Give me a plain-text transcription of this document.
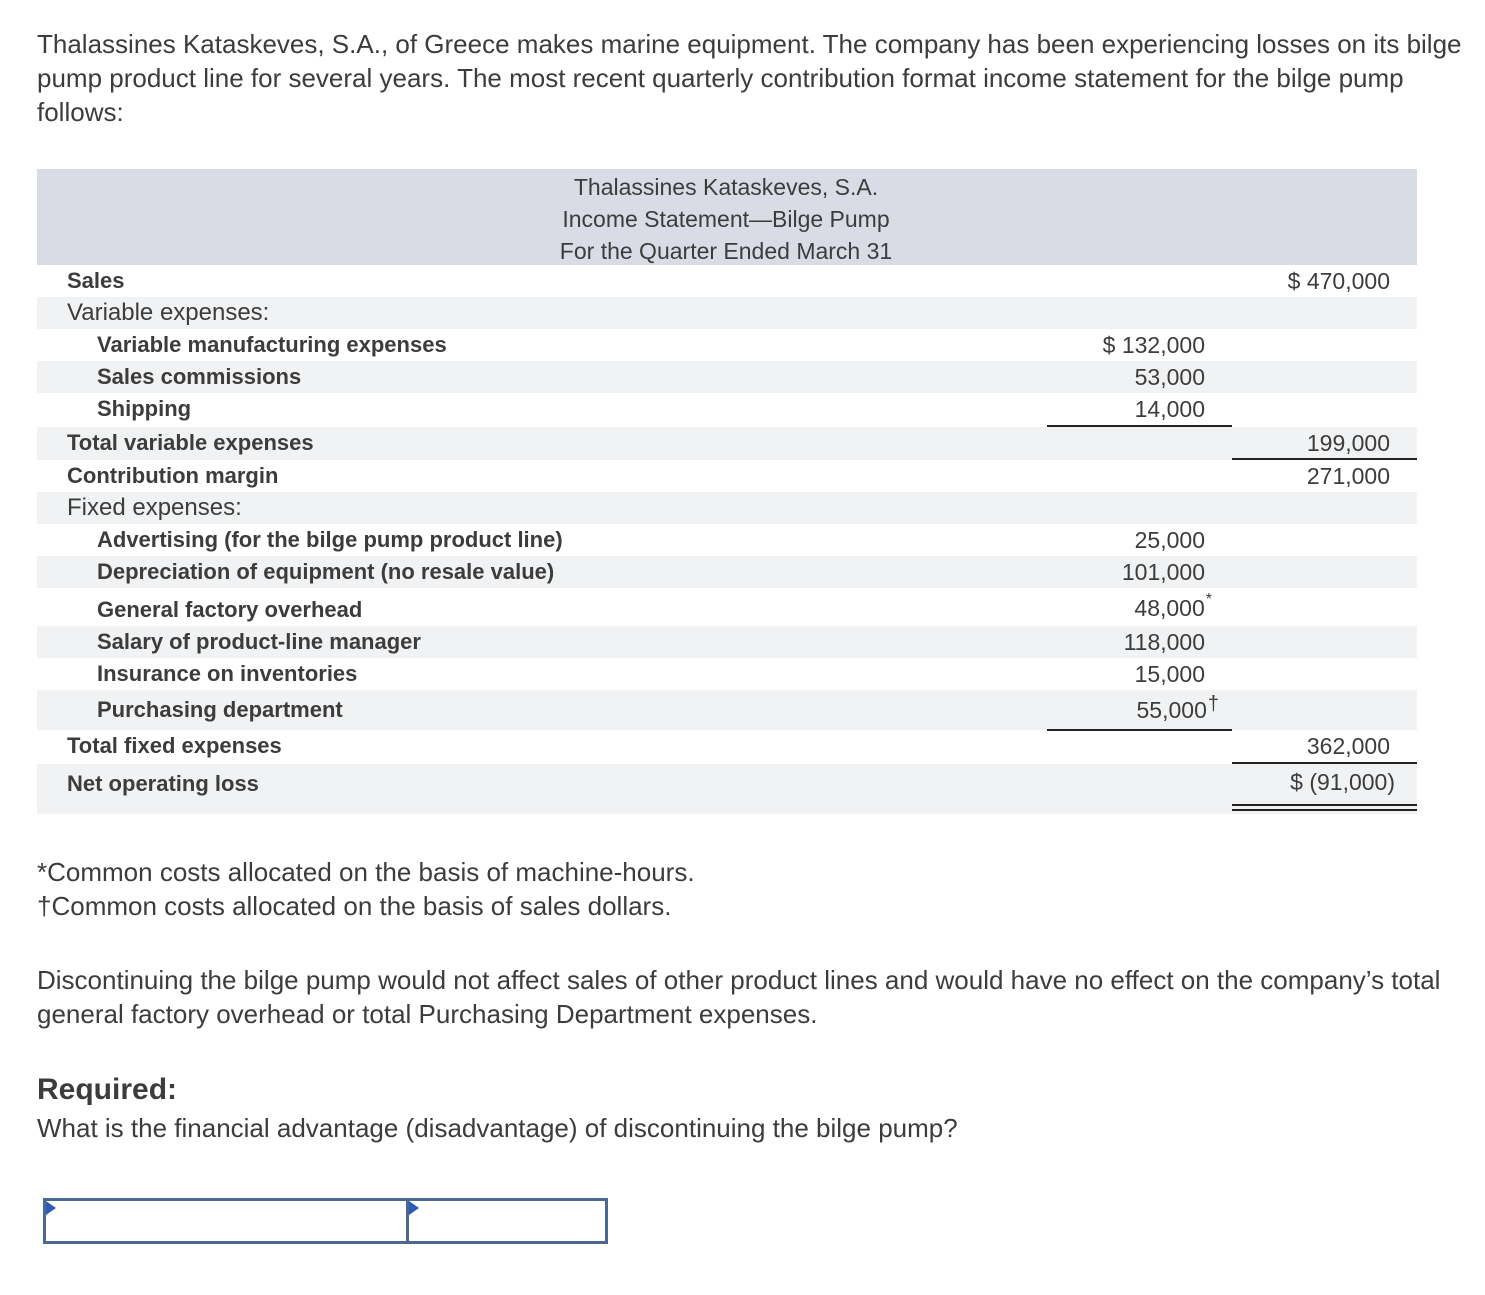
Thalassines Kataskeves, S.A., of Greece makes marine equipment. The company has been experiencing losses on its bilge pump product line for several years. The most recent quarterly contribution format income statement for the bilge pump follows:

Thalassines Kataskeves, S.A.
Income Statement—Bilge Pump
For the Quarter Ended March 31
Sales	$ 470,000
Variable expenses:
Variable manufacturing expenses	$ 132,000
Sales commissions	53,000
Shipping	14,000
Total variable expenses	199,000
Contribution margin	271,000
Fixed expenses:
Advertising (for the bilge pump product line)	25,000
Depreciation of equipment (no resale value)	101,000
General factory overhead	48,000*
Salary of product-line manager	118,000
Insurance on inventories	15,000
Purchasing department	55,000†
Total fixed expenses	362,000
Net operating loss	$ (91,000)
*Common costs allocated on the basis of machine-hours.
†Common costs allocated on the basis of sales dollars.

Discontinuing the bilge pump would not affect sales of other product lines and would have no effect on the company’s total general factory overhead or total Purchasing Department expenses.

Required:
What is the financial advantage (disadvantage) of discontinuing the bilge pump?
